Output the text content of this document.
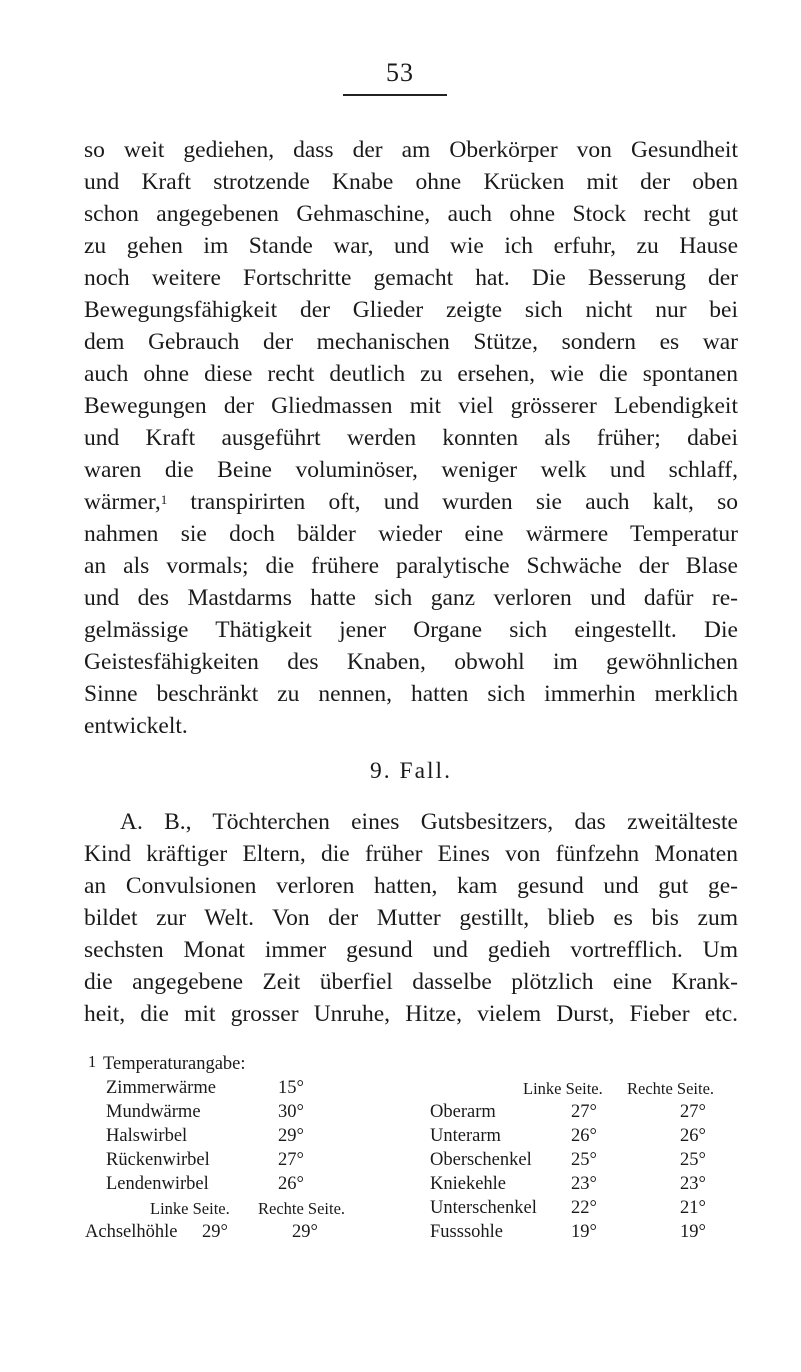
53
so weit gediehen, dass der am Oberkörper von Gesundheit
und Kraft strotzende Knabe ohne Krücken mit der oben
schon angegebenen Gehmaschine, auch ohne Stock recht gut
zu gehen im Stande war, und wie ich erfuhr, zu Hause
noch weitere Fortschritte gemacht hat. Die Besserung der
Bewegungsfähigkeit der Glieder zeigte sich nicht nur bei
dem Gebrauch der mechanischen Stütze, sondern es war
auch ohne diese recht deutlich zu ersehen, wie die spontanen
Bewegungen der Gliedmassen mit viel grösserer Lebendigkeit
und Kraft ausgeführt werden konnten als früher; dabei
waren die Beine voluminöser, weniger welk und schlaff,
wärmer,$^1$ transpirirten oft, und wurden sie auch kalt, so
nahmen sie doch bälder wieder eine wärmere Temperatur
an als vormals; die frühere paralytische Schwäche der Blase
und des Mastdarms hatte sich ganz verloren und dafür re-
gelmässige Thätigkeit jener Organe sich eingestellt. Die
Geistesfähigkeiten des Knaben, obwohl im gewöhnlichen
Sinne beschränkt zu nennen, hatten sich immerhin merklich
entwickelt.
9. Fall.
A. B., Töchterchen eines Gutsbesitzers, das zweitälteste
Kind kräftiger Eltern, die früher Eines von fünfzehn Monaten
an Convulsionen verloren hatten, kam gesund und gut ge-
bildet zur Welt. Von der Mutter gestillt, blieb es bis zum
sechsten Monat immer gesund und gedieh vortrefflich. Um
die angegebene Zeit überfiel dasselbe plötzlich eine Krank-
heit, die mit grosser Unruhe, Hitze, vielem Durst, Fieber etc.
1 Temperaturangabe:
Zimmerwärme	15°
Mundwärme	30°
Halswirbel	29°
Rückenwirbel	27°
Lendenwirbel	26°
Linke Seite. Rechte Seite.
Achselhöhle 29°	29°
Linke Seite. Rechte Seite.
Oberarm	27°	27°
Unterarm	26°	26°
Oberschenkel 25°	25°
Kniekehle	23°	23°
Unterschenkel 22°	21°
Fusssohle	19°	19°
